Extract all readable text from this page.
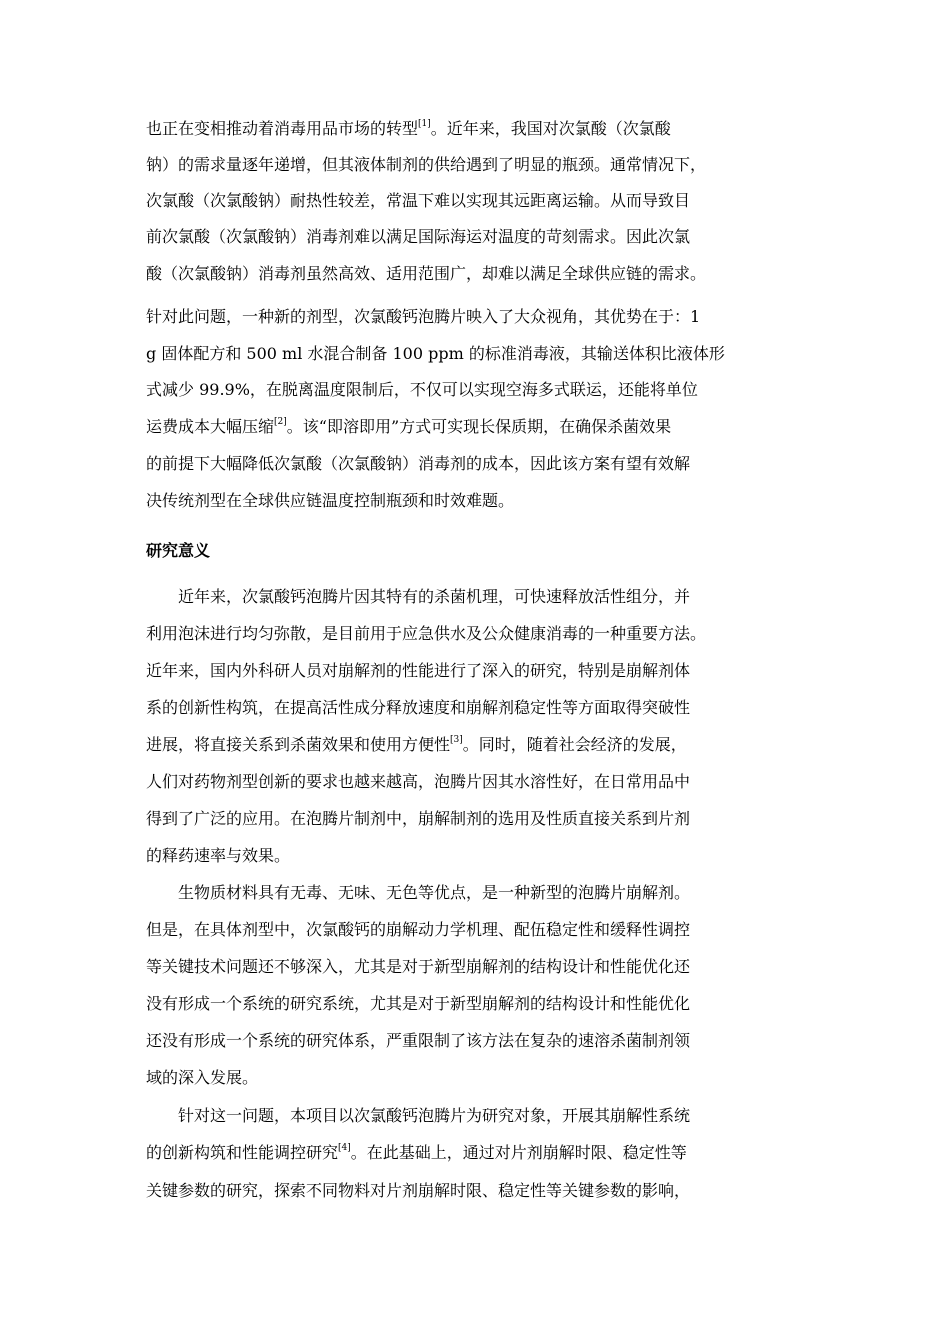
也正在变相推动着消毒用品市场的转型[1]。近年来，我国对次氯酸（次氯酸
钠）的需求量逐年递增，但其液体制剂的供给遇到了明显的瓶颈。通常情况下，
次氯酸（次氯酸钠）耐热性较差，常温下难以实现其远距离运输。从而导致目
前次氯酸（次氯酸钠）消毒剂难以满足国际海运对温度的苛刻需求。因此次氯
酸（次氯酸钠）消毒剂虽然高效、适用范围广，却难以满足全球供应链的需求。
针对此问题，一种新的剂型，次氯酸钙泡腾片映入了大众视角，其优势在于：1
g 固体配方和 500 ml 水混合制备 100 ppm 的标准消毒液，其输送体积比液体形
式减少 99.9%，在脱离温度限制后，不仅可以实现空海多式联运，还能将单位
运费成本大幅压缩[2]。该“即溶即用”方式可实现长保质期，在确保杀菌效果
的前提下大幅降低次氯酸（次氯酸钠）消毒剂的成本，因此该方案有望有效解
决传统剂型在全球供应链温度控制瓶颈和时效难题。
研究意义
近年来，次氯酸钙泡腾片因其特有的杀菌机理，可快速释放活性组分，并
利用泡沫进行均匀弥散，是目前用于应急供水及公众健康消毒的一种重要方法。
近年来，国内外科研人员对崩解剂的性能进行了深入的研究，特别是崩解剂体
系的创新性构筑，在提高活性成分释放速度和崩解剂稳定性等方面取得突破性
进展，将直接关系到杀菌效果和使用方便性[3]。同时，随着社会经济的发展，
人们对药物剂型创新的要求也越来越高，泡腾片因其水溶性好，在日常用品中
得到了广泛的应用。在泡腾片制剂中，崩解制剂的选用及性质直接关系到片剂
的释药速率与效果。
生物质材料具有无毒、无味、无色等优点，是一种新型的泡腾片崩解剂。
但是，在具体剂型中，次氯酸钙的崩解动力学机理、配伍稳定性和缓释性调控
等关键技术问题还不够深入，尤其是对于新型崩解剂的结构设计和性能优化还
没有形成一个系统的研究系统，尤其是对于新型崩解剂的结构设计和性能优化
还没有形成一个系统的研究体系，严重限制了该方法在复杂的速溶杀菌制剂领
域的深入发展。
针对这一问题，本项目以次氯酸钙泡腾片为研究对象，开展其崩解性系统
的创新构筑和性能调控研究[4]。在此基础上，通过对片剂崩解时限、稳定性等
关键参数的研究，探索不同物料对片剂崩解时限、稳定性等关键参数的影响，
